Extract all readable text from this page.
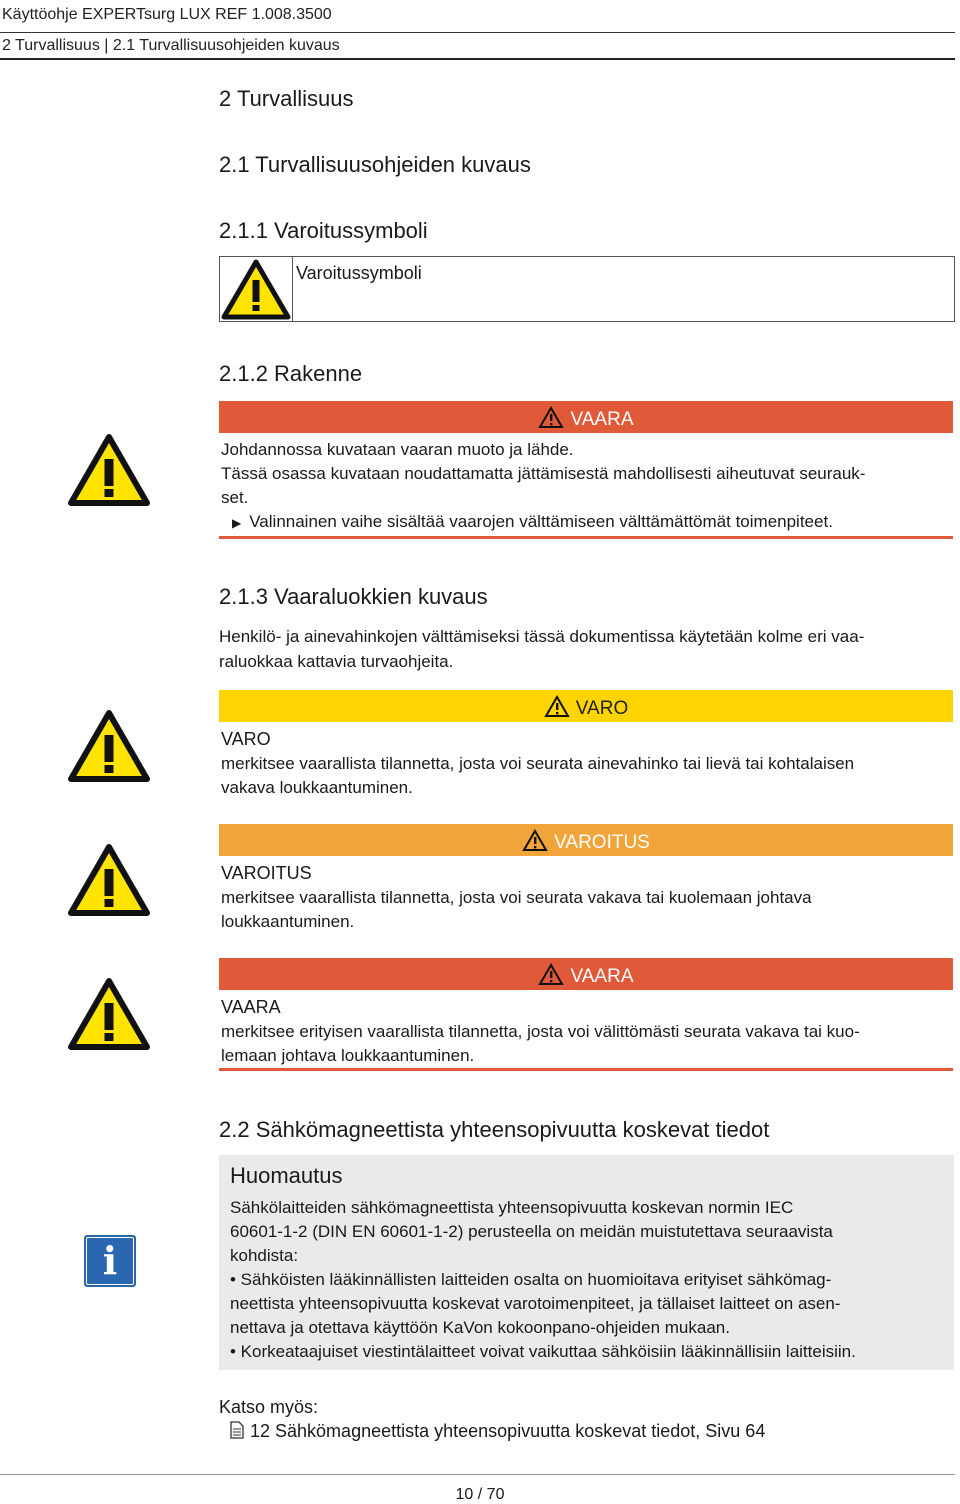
Käyttöohje EXPERTsurg LUX REF 1.008.3500
2 Turvallisuus | 2.1 Turvallisuusohjeiden kuvaus
2 Turvallisuus
2.1 Turvallisuusohjeiden kuvaus
2.1.1 Varoitussymboli
Varoitussymboli
2.1.2 Rakenne
VAARA
Johdannossa kuvataan vaaran muoto ja lähde.
Tässä osassa kuvataan noudattamatta jättämisestä mahdollisesti aiheutuvat seurauk-
set.
▶ Valinnainen vaihe sisältää vaarojen välttämiseen välttämättömät toimenpiteet.
2.1.3 Vaaraluokkien kuvaus
Henkilö- ja ainevahinkojen välttämiseksi tässä dokumentissa käytetään kolme eri vaa-
raluokkaa kattavia turvaohjeita.
VARO
VARO
merkitsee vaarallista tilannetta, josta voi seurata ainevahinko tai lievä tai kohtalaisen
vakava loukkaantuminen.
VAROITUS
VAROITUS
merkitsee vaarallista tilannetta, josta voi seurata vakava tai kuolemaan johtava
loukkaantuminen.
VAARA
VAARA
merkitsee erityisen vaarallista tilannetta, josta voi välittömästi seurata vakava tai kuo-
lemaan johtava loukkaantuminen.
2.2 Sähkömagneettista yhteensopivuutta koskevat tiedot
i
Huomautus
Sähkölaitteiden sähkömagneettista yhteensopivuutta koskevan normin IEC
60601-1-2 (DIN EN 60601-1-2) perusteella on meidän muistutettava seuraavista
kohdista:
• Sähköisten lääkinnällisten laitteiden osalta on huomioitava erityiset sähkömag-
neettista yhteensopivuutta koskevat varotoimenpiteet, ja tällaiset laitteet on asen-
nettava ja otettava käyttöön KaVon kokoonpano-ohjeiden mukaan.
• Korkeataajuiset viestintälaitteet voivat vaikuttaa sähköisiin lääkinnällisiin laitteisiin.
Katso myös:
12 Sähkömagneettista yhteensopivuutta koskevat tiedot, Sivu 64
10 / 70
